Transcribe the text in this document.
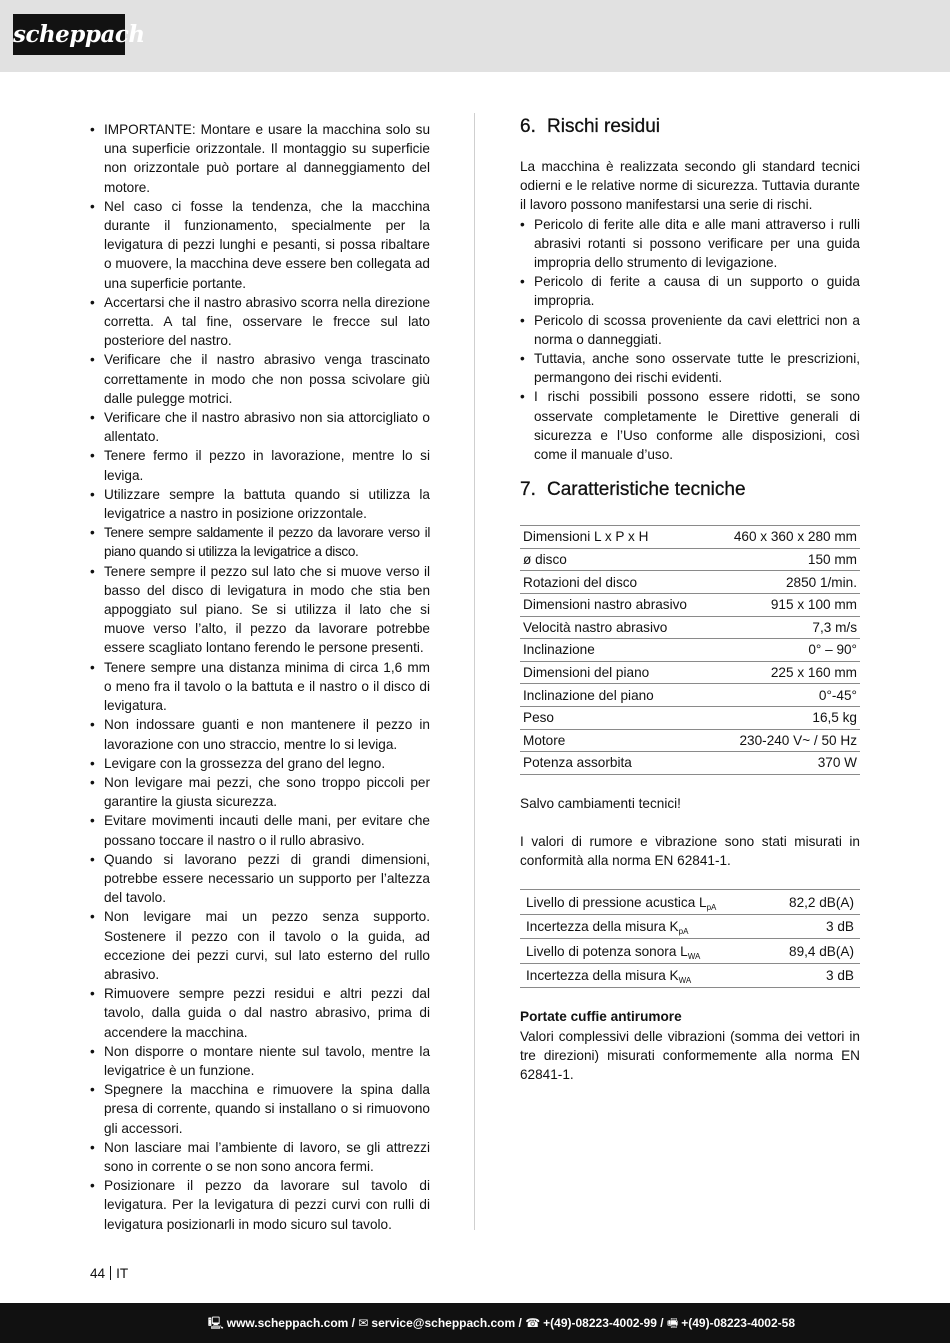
scheppach
• IMPORTANTE: Montare e usare la macchina solo su una superficie orizzontale. Il montaggio su superficie non orizzontale può portare al danneggiamento del motore.
• Nel caso ci fosse la tendenza, che la macchina durante il funzionamento, specialmente per la levigatura di pezzi lunghi e pesanti, si possa ribaltare o muovere, la macchina deve essere ben collegata ad una superficie portante.
• Accertarsi che il nastro abrasivo scorra nella direzione corretta. A tal fine, osservare le frecce sul lato posteriore del nastro.
• Verificare che il nastro abrasivo venga trascinato correttamente in modo che non possa scivolare giù dalle pulegge motrici.
• Verificare che il nastro abrasivo non sia attorcigliato o allentato.
• Tenere fermo il pezzo in lavorazione, mentre lo si leviga.
• Utilizzare sempre la battuta quando si utilizza la levigatrice a nastro in posizione orizzontale.
• Tenere sempre saldamente il pezzo da lavorare verso il piano quando si utilizza la levigatrice a disco.
• Tenere sempre il pezzo sul lato che si muove verso il basso del disco di levigatura in modo che stia ben appoggiato sul piano. Se si utilizza il lato che si muove verso l’alto, il pezzo da lavorare potrebbe essere scagliato lontano ferendo le persone presenti.
• Tenere sempre una distanza minima di circa 1,6 mm o meno fra il tavolo o la battuta e il nastro o il disco di levigatura.
• Non indossare guanti e non mantenere il pezzo in lavorazione con uno straccio, mentre lo si leviga.
• Levigare con la grossezza del grano del legno.
• Non levigare mai pezzi, che sono troppo piccoli per garantire la giusta sicurezza.
• Evitare movimenti incauti delle mani, per evitare che possano toccare il nastro o il rullo abrasivo.
• Quando si lavorano pezzi di grandi dimensioni, potrebbe essere necessario un supporto per l’altezza del tavolo.
• Non levigare mai un pezzo senza supporto. Sostenere il pezzo con il tavolo o la guida, ad eccezione dei pezzi curvi, sul lato esterno del rullo abrasivo.
• Rimuovere sempre pezzi residui e altri pezzi dal tavolo, dalla guida o dal nastro abrasivo, prima di accendere la macchina.
• Non disporre o montare niente sul tavolo, mentre la levigatrice è un funzione.
• Spegnere la macchina e rimuovere la spina dalla presa di corrente, quando si installano o si rimuovono gli accessori.
• Non lasciare mai l’ambiente di lavoro, se gli attrezzi sono in corrente o se non sono ancora fermi.
• Posizionare il pezzo da lavorare sul tavolo di levigatura. Per la levigatura di pezzi curvi con rulli di levigatura posizionarli in modo sicuro sul tavolo.
6. Rischi residui

La macchina è realizzata secondo gli standard tecnici odierni e le relative norme di sicurezza. Tuttavia durante il lavoro possono manifestarsi una serie di rischi.

• Pericolo di ferite alle dita e alle mani attraverso i rulli abrasivi rotanti si possono verificare per una guida impropria dello strumento di levigazione.
• Pericolo di ferite a causa di un supporto o guida impropria.
• Pericolo di scossa proveniente da cavi elettrici non a norma o danneggiati.
• Tuttavia, anche sono osservate tutte le prescrizioni, permangono dei rischi evidenti.
• I rischi possibili possono essere ridotti, se sono osservate completamente le Direttive generali di sicurezza e l’Uso conforme alle disposizioni, così come il manuale d’uso.
7. Caratteristiche tecniche
Dimensioni L x P x H	460 x 360 x 280 mm
ø disco	150 mm
Rotazioni del disco	2850 1/min.
Dimensioni nastro abrasivo	915 x 100 mm
Velocità nastro abrasivo	7,3 m/s
Inclinazione	0° – 90°
Dimensioni del piano	225 x 160 mm
Inclinazione del piano	0°-45°
Peso	16,5 kg
Motore	230-240 V~ / 50 Hz
Potenza assorbita	370 W

Salvo cambiamenti tecnici!

I valori di rumore e vibrazione sono stati misurati in conformità alla norma EN 62841-1.

Livello di pressione acustica $L_{pA}$	82,2 dB(A)
Incertezza della misura $K_{pA}$	3 dB
Livello di potenza sonora $L_{WA}$	89,4 dB(A)
Incertezza della misura $K_{WA}$	3 dB

Portate cuffie antirumore

Valori complessivi delle vibrazioni (somma dei vettori in tre direzioni) misurati conformemente alla norma EN 62841-1.

44 IT
🖳 www.scheppach.com / ✉ service@scheppach.com / ☎ +(49)-08223-4002-99 / 🖷 +(49)-08223-4002-58
